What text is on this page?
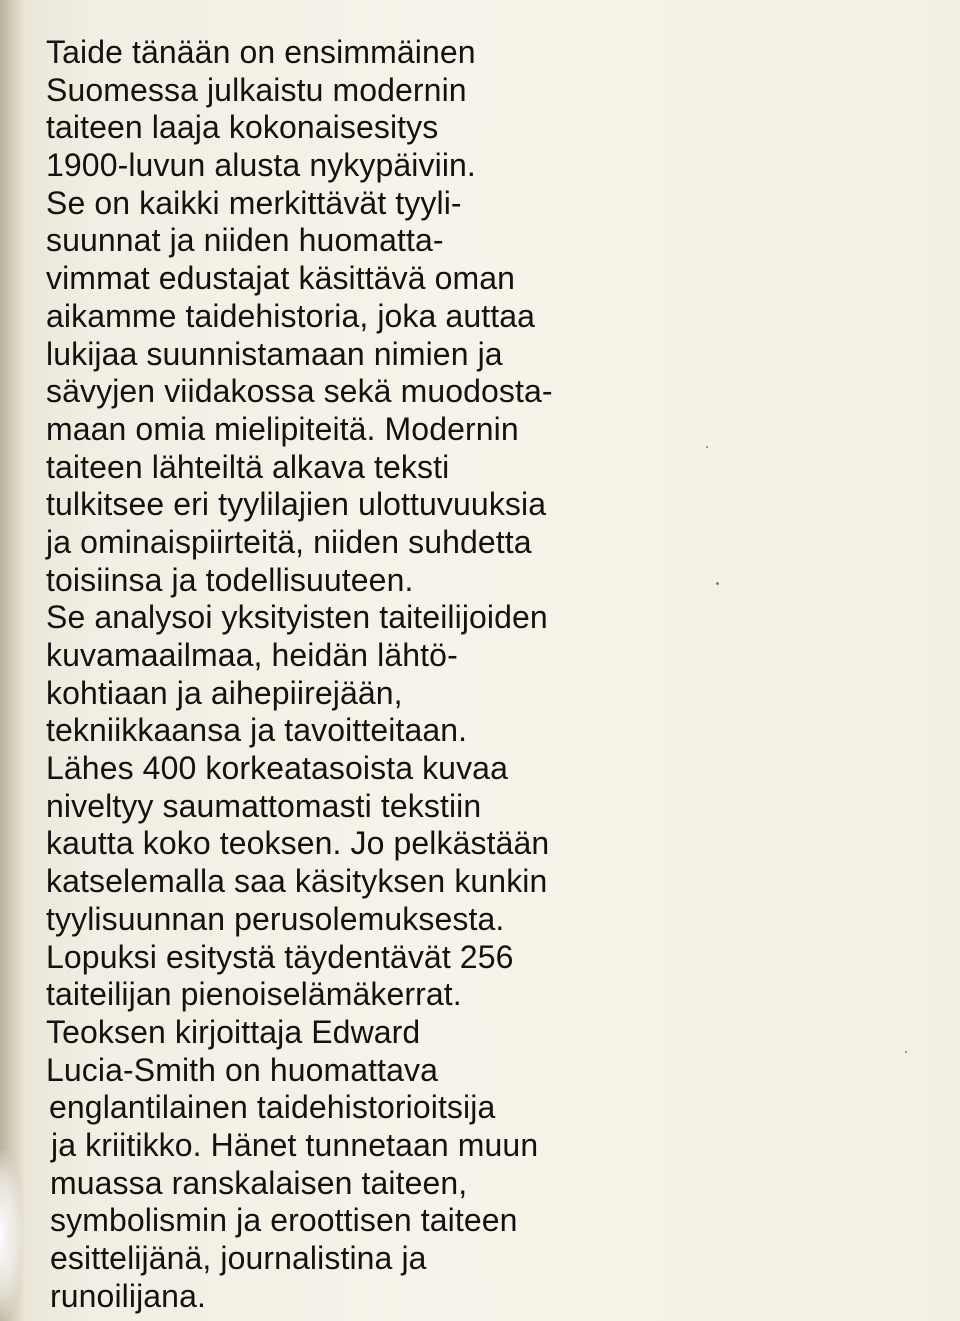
Taide tänään on ensimmäinen
Suomessa julkaistu modernin
taiteen laaja kokonaisesitys
1900-luvun alusta nykypäiviin.
Se on kaikki merkittävät tyyli-
suunnat ja niiden huomatta-
vimmat edustajat käsittävä oman
aikamme taidehistoria, joka auttaa
lukijaa suunnistamaan nimien ja
sävyjen viidakossa sekä muodosta-
maan omia mielipiteitä. Modernin
taiteen lähteiltä alkava teksti
tulkitsee eri tyylilajien ulottuvuuksia
ja ominaispiirteitä, niiden suhdetta
toisiinsa ja todellisuuteen.
Se analysoi yksityisten taiteilijoiden
kuvamaailmaa, heidän lähtö-
kohtiaan ja aihepiirejään,
tekniikkaansa ja tavoitteitaan.
Lähes 400 korkeatasoista kuvaa
niveltyy saumattomasti tekstiin
kautta koko teoksen. Jo pelkästään
katselemalla saa käsityksen kunkin
tyylisuunnan perusolemuksesta.
Lopuksi esitystä täydentävät 256
taiteilijan pienoiselämäkerrat.
Teoksen kirjoittaja Edward
Lucia-Smith on huomattava
englantilainen taidehistorioitsija
ja kriitikko. Hänet tunnetaan muun
muassa ranskalaisen taiteen,
symbolismin ja eroottisen taiteen
esittelijänä, journalistina ja
runoilijana.
